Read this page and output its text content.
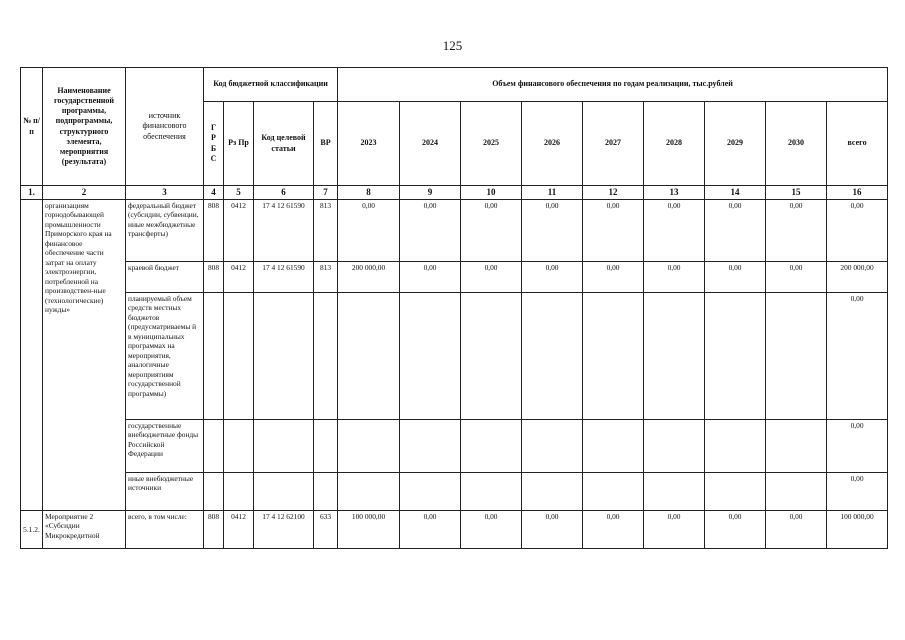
125
№ п/п	Наименование государственной программы, подпрограммы, структурного элемента, мероприятия (результата)	источник финансового обеспечения	Код бюджетной классификации				Объем финансового обеспечения по годам реализации, тыс.рублей								

			Г
Р
Б
С	Рз Пр	Код целевой статьи	ВР	2023	2024	2025	2026	2027	2028	2029	2030	всего
1.	2	3	4	5	6	7	8	9	10	11	12	13	14	15	16
	организациям горнодобывающей промышленности Приморского края на финансовое обеспечение части затрат на оплату электроэнергии, потребленной на производствен-ные (технологические) нужды»	федеральный бюджет (субсидии, субвенции, иные межбюджетные трансферты)	808	0412	17 4 12 61590	813	0,00	0,00	0,00	0,00	0,00	0,00	0,00	0,00	0,00
		краевой бюджет	808	0412	17 4 12 61590	813	200 000,00	0,00	0,00	0,00	0,00	0,00	0,00	0,00	200 000,00
		планируемый объем средств местных бюджетов (предусматриваемы й в муниципальных программах на мероприятия, аналогичные мероприятиям государственной программы)													0,00
		государственные внебюджетные фонды Российской Федерации													0,00
		иные внебюджетные источники													0,00
5.1.2.	Мероприятие 2 «Субсидии Микрокредитной	всего, в том числе:	808	0412	17 4 12 62100	633	100 000,00	0,00	0,00	0,00	0,00	0,00	0,00	0,00	100 000,00
